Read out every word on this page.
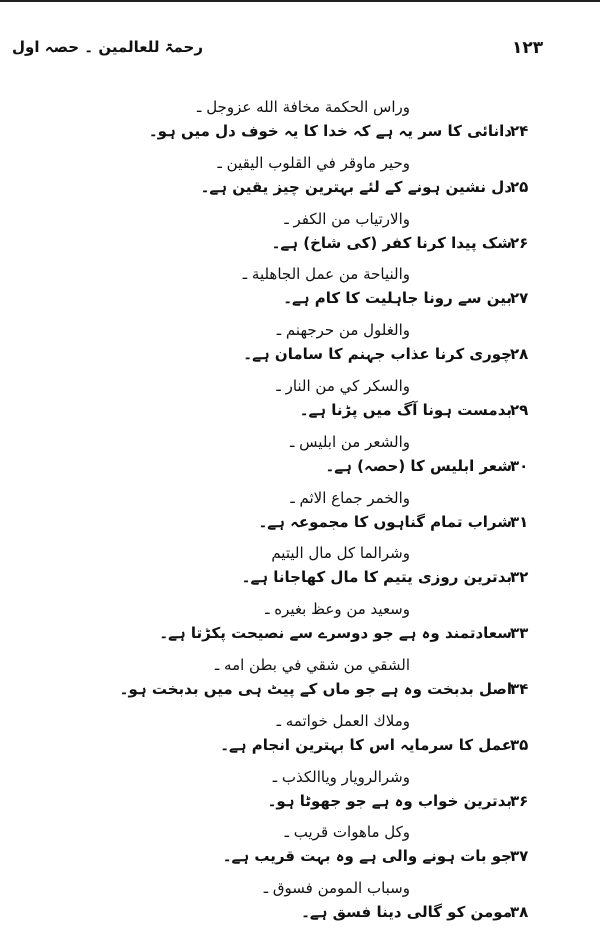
رحمۃ للعالمین ۔ حصہ اول	۱۲۳
وراس الحكمة مخافة الله عزوجل ـ
۲۴
دانائی کا سر یہ ہے کہ خدا کا یہ خوف دل میں ہو۔
وحير ماوقر في القلوب اليقين ـ
۲۵
دل نشین ہونے کے لئے بہترین چیز یقین ہے۔
والارتياب من الكفر ـ
۲۶
شک پیدا کرنا کفر (کی شاخ) ہے۔
والنياحة من عمل الجاهلية ـ
۲۷
بین سے رونا جاہلیت کا کام ہے۔
والغلول من حرجهنم ـ
۲۸
چوری کرنا عذاب جہنم کا سامان ہے۔
والسكر كي من النار ـ
۲۹
بدمست ہونا آگ میں پڑنا ہے۔
والشعر من ابليس ـ
۳۰
شعر ابلیس کا (حصہ) ہے۔
والخمر جماع الاثم ـ
۳۱
شراب تمام گناہوں کا مجموعہ ہے۔
وشرالما كل مال اليتيم
۳۲
بدترین روزی یتیم کا مال کھاجانا ہے۔
وسعيد من وعظ بغيره ـ
۳۳
سعادتمند وہ ہے جو دوسرے سے نصیحت پکڑتا ہے۔
الشقي من شقي في بطن امه ـ
۳۴
اصل بدبخت وہ ہے جو ماں کے پیٹ ہی میں بدبخت ہو۔
وملاك العمل خواتمه ـ
۳۵
عمل کا سرمایہ اس کا بہترین انجام ہے۔
وشرالرويار وياالكذب ـ
۳۶
بدترین خواب وہ ہے جو جھوٹا ہو۔
وكل ماهوات قريب ـ
۳۷
جو بات ہونے والی ہے وہ بہت قریب ہے۔
وسباب المومن فسوق ـ
۳۸
مومن کو گالی دینا فسق ہے۔
